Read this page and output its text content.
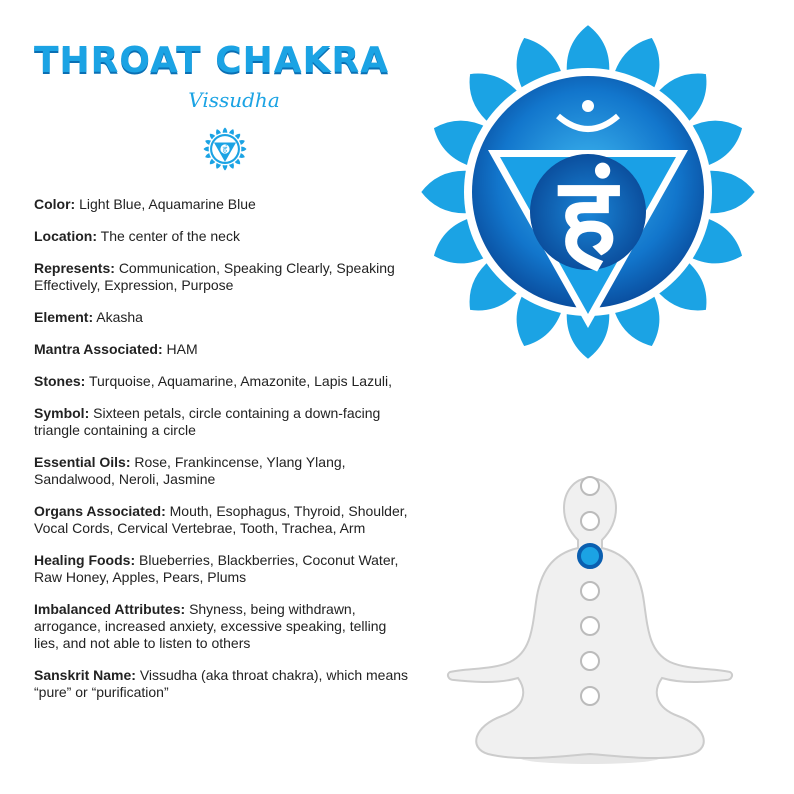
THROAT CHAKRA
Vissudha
हं

Color: Light Blue, Aquamarine Blue

Location: The center of the neck

Represents: Communication, Speaking Clearly, Speaking Effectively, Expression, Purpose

Element: Akasha

Mantra Associated: HAM

Stones: Turquoise, Aquamarine, Amazonite, Lapis Lazuli,

Symbol: Sixteen petals, circle containing a down-facing triangle containing a circle

Essential Oils: Rose, Frankincense, Ylang Ylang, Sandalwood, Neroli, Jasmine

Organs Associated: Mouth, Esophagus, Thyroid, Shoulder, Vocal Cords, Cervical Vertebrae, Tooth, Trachea, Arm

Healing Foods: Blueberries, Blackberries, Coconut Water, Raw Honey, Apples, Pears, Plums

Imbalanced Attributes: Shyness, being withdrawn, arrogance, increased anxiety, excessive speaking, telling lies, and not able to listen to others

Sanskrit Name: Vissudha (aka throat chakra), which means “pure” or “purification”

हं
